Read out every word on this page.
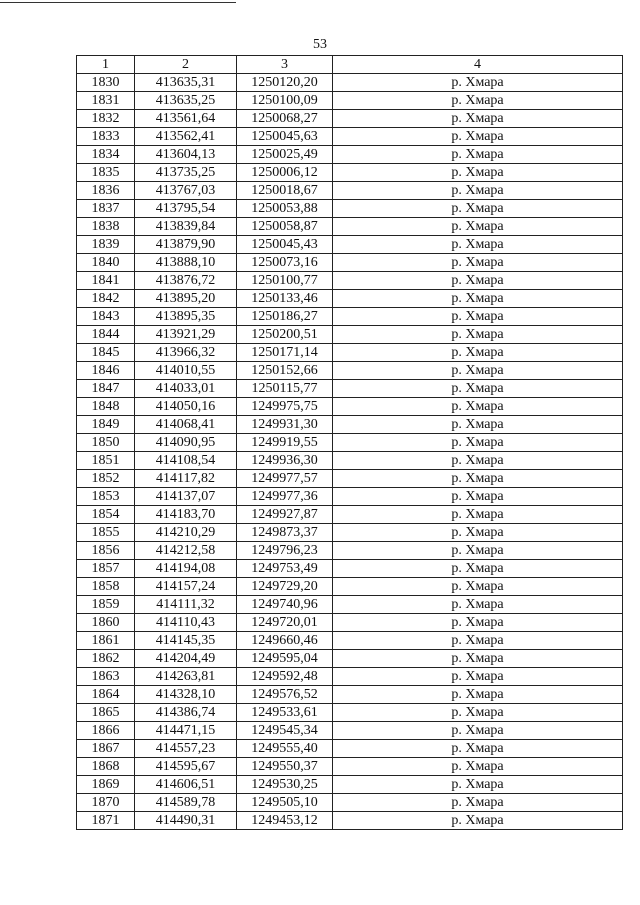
53
1	2	3	4
1830	413635,31	1250120,20	р. Хмара
1831	413635,25	1250100,09	р. Хмара
1832	413561,64	1250068,27	р. Хмара
1833	413562,41	1250045,63	р. Хмара
1834	413604,13	1250025,49	р. Хмара
1835	413735,25	1250006,12	р. Хмара
1836	413767,03	1250018,67	р. Хмара
1837	413795,54	1250053,88	р. Хмара
1838	413839,84	1250058,87	р. Хмара
1839	413879,90	1250045,43	р. Хмара
1840	413888,10	1250073,16	р. Хмара
1841	413876,72	1250100,77	р. Хмара
1842	413895,20	1250133,46	р. Хмара
1843	413895,35	1250186,27	р. Хмара
1844	413921,29	1250200,51	р. Хмара
1845	413966,32	1250171,14	р. Хмара
1846	414010,55	1250152,66	р. Хмара
1847	414033,01	1250115,77	р. Хмара
1848	414050,16	1249975,75	р. Хмара
1849	414068,41	1249931,30	р. Хмара
1850	414090,95	1249919,55	р. Хмара
1851	414108,54	1249936,30	р. Хмара
1852	414117,82	1249977,57	р. Хмара
1853	414137,07	1249977,36	р. Хмара
1854	414183,70	1249927,87	р. Хмара
1855	414210,29	1249873,37	р. Хмара
1856	414212,58	1249796,23	р. Хмара
1857	414194,08	1249753,49	р. Хмара
1858	414157,24	1249729,20	р. Хмара
1859	414111,32	1249740,96	р. Хмара
1860	414110,43	1249720,01	р. Хмара
1861	414145,35	1249660,46	р. Хмара
1862	414204,49	1249595,04	р. Хмара
1863	414263,81	1249592,48	р. Хмара
1864	414328,10	1249576,52	р. Хмара
1865	414386,74	1249533,61	р. Хмара
1866	414471,15	1249545,34	р. Хмара
1867	414557,23	1249555,40	р. Хмара
1868	414595,67	1249550,37	р. Хмара
1869	414606,51	1249530,25	р. Хмара
1870	414589,78	1249505,10	р. Хмара
1871	414490,31	1249453,12	р. Хмара
